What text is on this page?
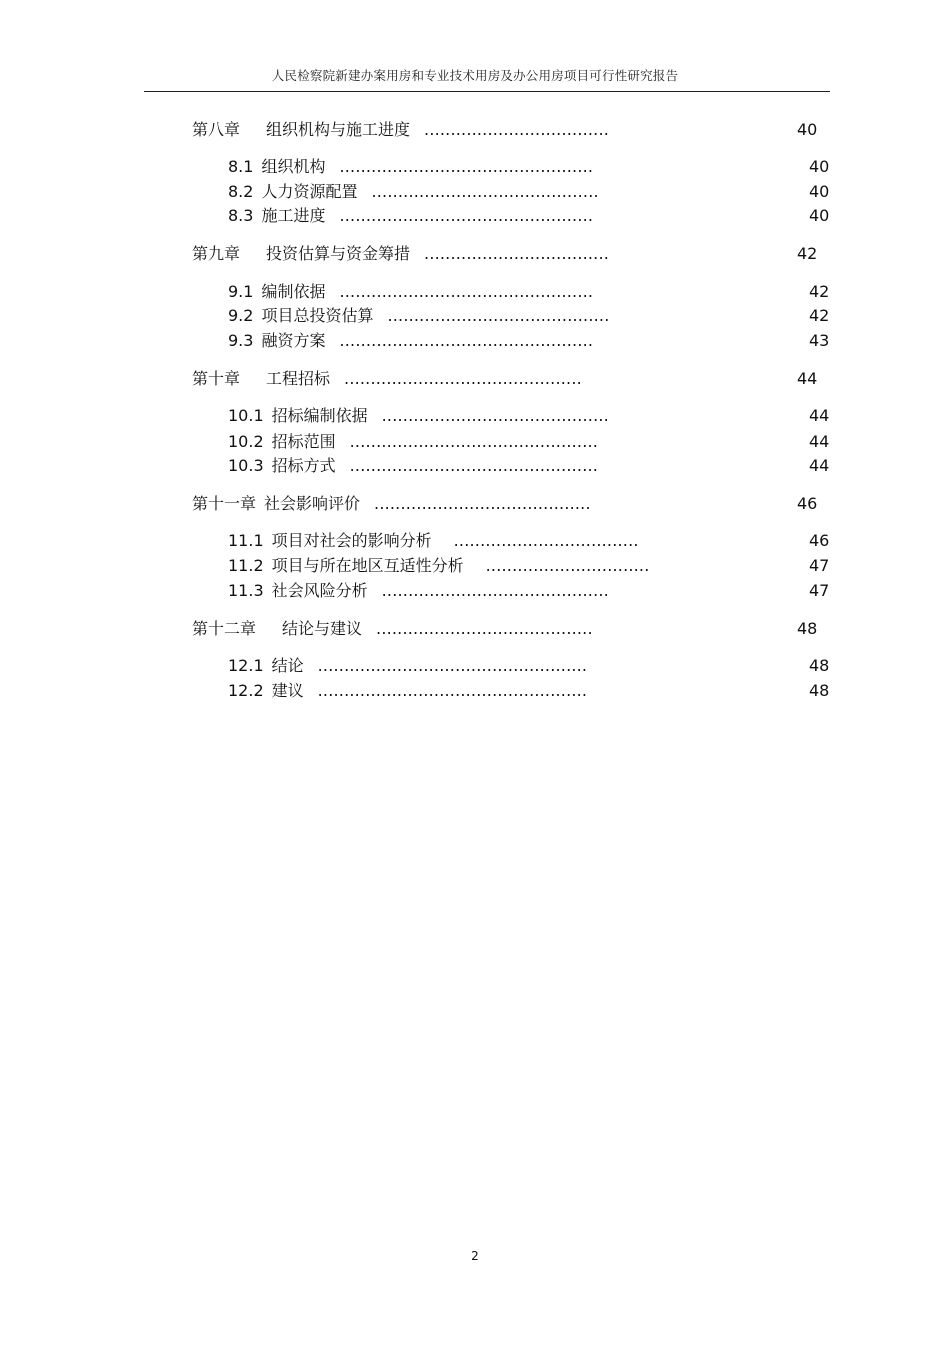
人民检察院新建办案用房和专业技术用房及办公用房项目可行性研究报告
第八章 组织机构与施工进度 ...................................	40
8.1 组织机构 ................................................	40
8.2 人力资源配置 ...........................................	40
8.3 施工进度 ................................................	40
第九章 投资估算与资金筹措 ...................................	42
9.1 编制依据 ................................................	42
9.2 项目总投资估算 ..........................................	42
9.3 融资方案 ................................................	43
第十章 工程招标 .............................................	44
10.1 招标编制依据 ...........................................	44
10.2 招标范围 ...............................................	44
10.3 招标方式 ...............................................	44
第十一章 社会影响评价 .........................................	46
11.1 项目对社会的影响分析 ...................................	46
11.2 项目与所在地区互适性分析 ...............................	47
11.3 社会风险分析 ...........................................	47
第十二章 结论与建议 .........................................	48
12.1 结论 ...................................................	48
12.2 建议 ...................................................	48
2
